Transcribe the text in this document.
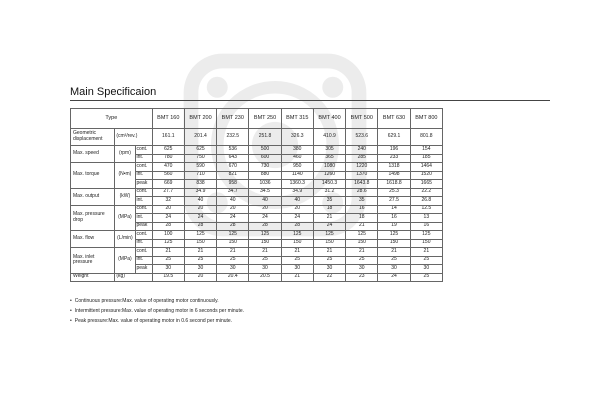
Main Specificaion
Type			BMT 160	BMT 200	BMT 230	BMT 250	BMT 315	BMT 400	BMT 500	BMT 630	BMT 800
Geometric displacement	(cm³/rev.)		161.1	201.4	232.5	251.8	326.3	410.9	523.6	629.1	801.8
Max. speed	(rpm)	cont.	625	625	536	500	380	305	240	196	154
		int.	780	750	643	600	460	365	285	233	185
Max. torque	(N•m)	cont.	470	590	670	730	950	1080	1220	1318	1464
		int.	560	710	821	880	1140	1260	1370	1498	1520
		peak	669	838	958	1036	1360.3	1450.3	1643.8	1618.8	1665
Max. output	(kW)	cont.	27.7	34.9	34.7	34.5	34.9	31.2	28.6	25.3	22.2
		int.	32	40	40	40	40	35	35	27.5	26.8
Max. pressure drop	(MPa)	cont.	20	20	20	20	20	18	16	14	12.5
		int.	24	24	24	24	24	21	18	16	13
		peak	28	28	28	28	28	24	21	19	16
Max. flow	(L/min)	cont.	100	125	125	125	125	125	125	125	125
		int.	125	150	150	150	150	150	150	150	150
Max. inlet pressure	(MPa)	cont.	21	21	21	21	21	21	21	21	21
		int.	25	25	25	25	25	25	25	25	25
		peak	30	30	30	30	30	30	30	30	30
Weight	(kg)		19.5	20	20.4	20.5	21	22	23	24	25
• Continuous pressure:Max. value of operating motor continuously.
• Intermittent pressure:Max. value of operating motor in 6 seconds per minute.
• Peak pressure:Max. value of operating motor in 0.6 second per minute.
